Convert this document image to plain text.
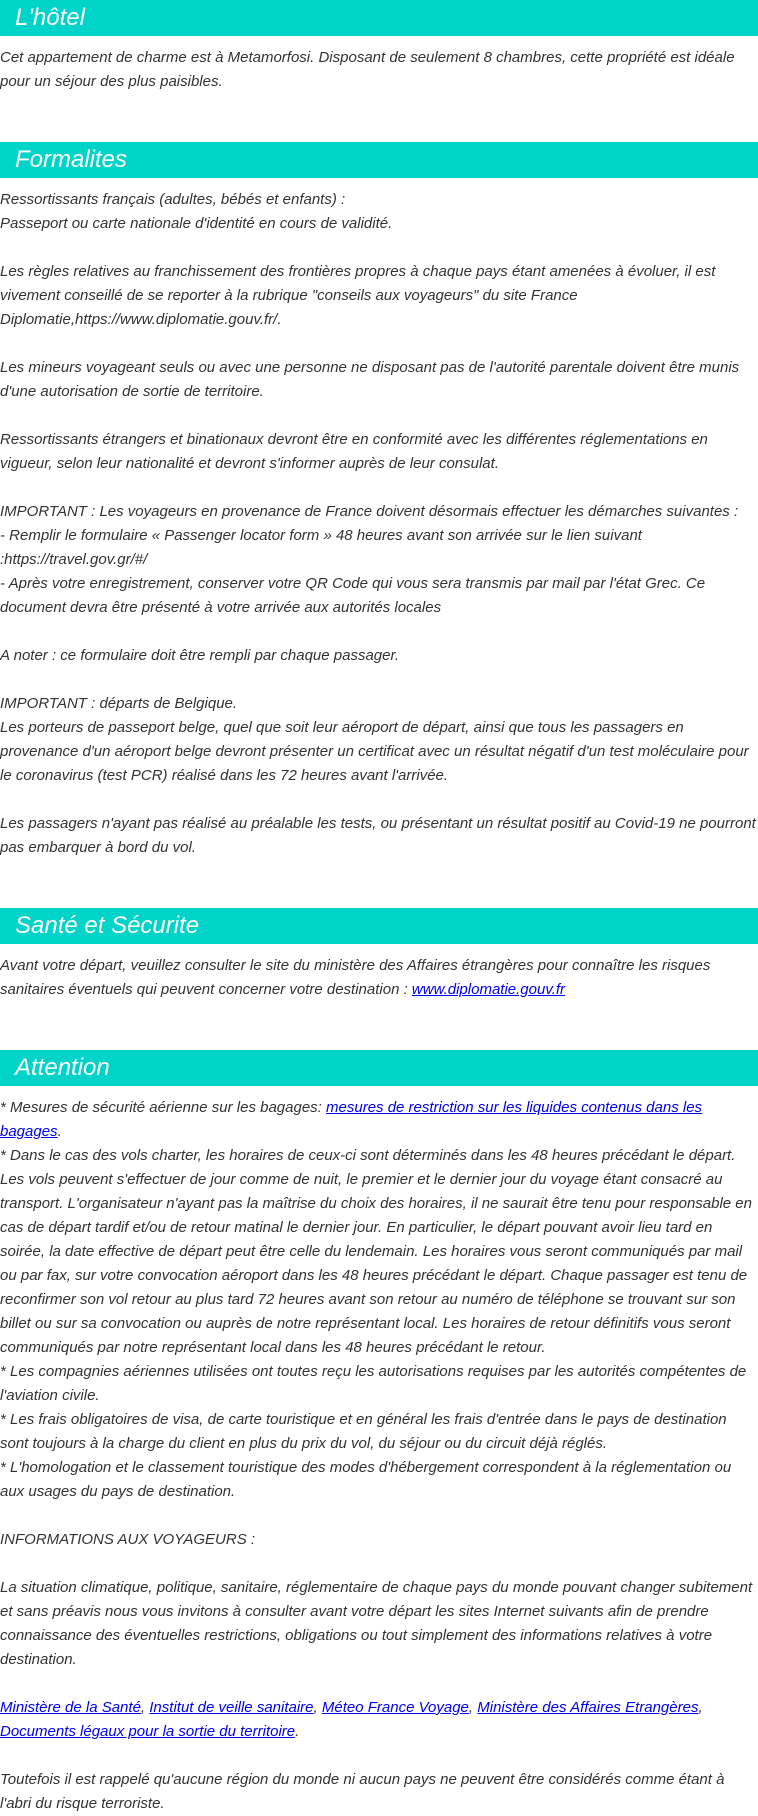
L'hôtel

Cet appartement de charme est à Metamorfosi. Disposant de seulement 8 chambres, cette propriété est idéale pour un séjour des plus paisibles.

Formalites

Ressortissants français (adultes, bébés et enfants) :

Passeport ou carte nationale d'identité en cours de validité.

Les règles relatives au franchissement des frontières propres à chaque pays étant amenées à évoluer, il est vivement conseillé de se reporter à la rubrique "conseils aux voyageurs" du site France Diplomatie,https://www.diplomatie.gouv.fr/.

Les mineurs voyageant seuls ou avec une personne ne disposant pas de l'autorité parentale doivent être munis d'une autorisation de sortie de territoire.

Ressortissants étrangers et binationaux devront être en conformité avec les différentes réglementations en vigueur, selon leur nationalité et devront s'informer auprès de leur consulat.

IMPORTANT : Les voyageurs en provenance de France doivent désormais effectuer les démarches suivantes :

- Remplir le formulaire « Passenger locator form » 48 heures avant son arrivée sur le lien suivant :https://travel.gov.gr/#/

- Après votre enregistrement, conserver votre QR Code qui vous sera transmis par mail par l'état Grec. Ce document devra être présenté à votre arrivée aux autorités locales

A noter : ce formulaire doit être rempli par chaque passager.

IMPORTANT : départs de Belgique.

Les porteurs de passeport belge, quel que soit leur aéroport de départ, ainsi que tous les passagers en provenance d'un aéroport belge devront présenter un certificat avec un résultat négatif d'un test moléculaire pour le coronavirus (test PCR) réalisé dans les 72 heures avant l'arrivée.

Les passagers n'ayant pas réalisé au préalable les tests, ou présentant un résultat positif au Covid-19 ne pourront pas embarquer à bord du vol.

Santé et Sécurite

Avant votre départ, veuillez consulter le site du ministère des Affaires étrangères pour connaître les risques sanitaires éventuels qui peuvent concerner votre destination : www.diplomatie.gouv.fr

Attention

* Mesures de sécurité aérienne sur les bagages: mesures de restriction sur les liquides contenus dans les bagages.

* Dans le cas des vols charter, les horaires de ceux-ci sont déterminés dans les 48 heures précédant le départ. Les vols peuvent s'effectuer de jour comme de nuit, le premier et le dernier jour du voyage étant consacré au transport. L'organisateur n'ayant pas la maîtrise du choix des horaires, il ne saurait être tenu pour responsable en cas de départ tardif et/ou de retour matinal le dernier jour. En particulier, le départ pouvant avoir lieu tard en soirée, la date effective de départ peut être celle du lendemain. Les horaires vous seront communiqués par mail ou par fax, sur votre convocation aéroport dans les 48 heures précédant le départ. Chaque passager est tenu de reconfirmer son vol retour au plus tard 72 heures avant son retour au numéro de téléphone se trouvant sur son billet ou sur sa convocation ou auprès de notre représentant local. Les horaires de retour définitifs vous seront communiqués par notre représentant local dans les 48 heures précédant le retour.

* Les compagnies aériennes utilisées ont toutes reçu les autorisations requises par les autorités compétentes de l'aviation civile.

* Les frais obligatoires de visa, de carte touristique et en général les frais d'entrée dans le pays de destination sont toujours à la charge du client en plus du prix du vol, du séjour ou du circuit déjà réglés.

* L'homologation et le classement touristique des modes d'hébergement correspondent à la réglementation ou aux usages du pays de destination.

INFORMATIONS AUX VOYAGEURS :

La situation climatique, politique, sanitaire, réglementaire de chaque pays du monde pouvant changer subitement et sans préavis nous vous invitons à consulter avant votre départ les sites Internet suivants afin de prendre connaissance des éventuelles restrictions, obligations ou tout simplement des informations relatives à votre destination.

Ministère de la Santé, Institut de veille sanitaire, Méteo France Voyage, Ministère des Affaires Etrangères, Documents légaux pour la sortie du territoire.

Toutefois il est rappelé qu'aucune région du monde ni aucun pays ne peuvent être considérés comme étant à l'abri du risque terroriste.
